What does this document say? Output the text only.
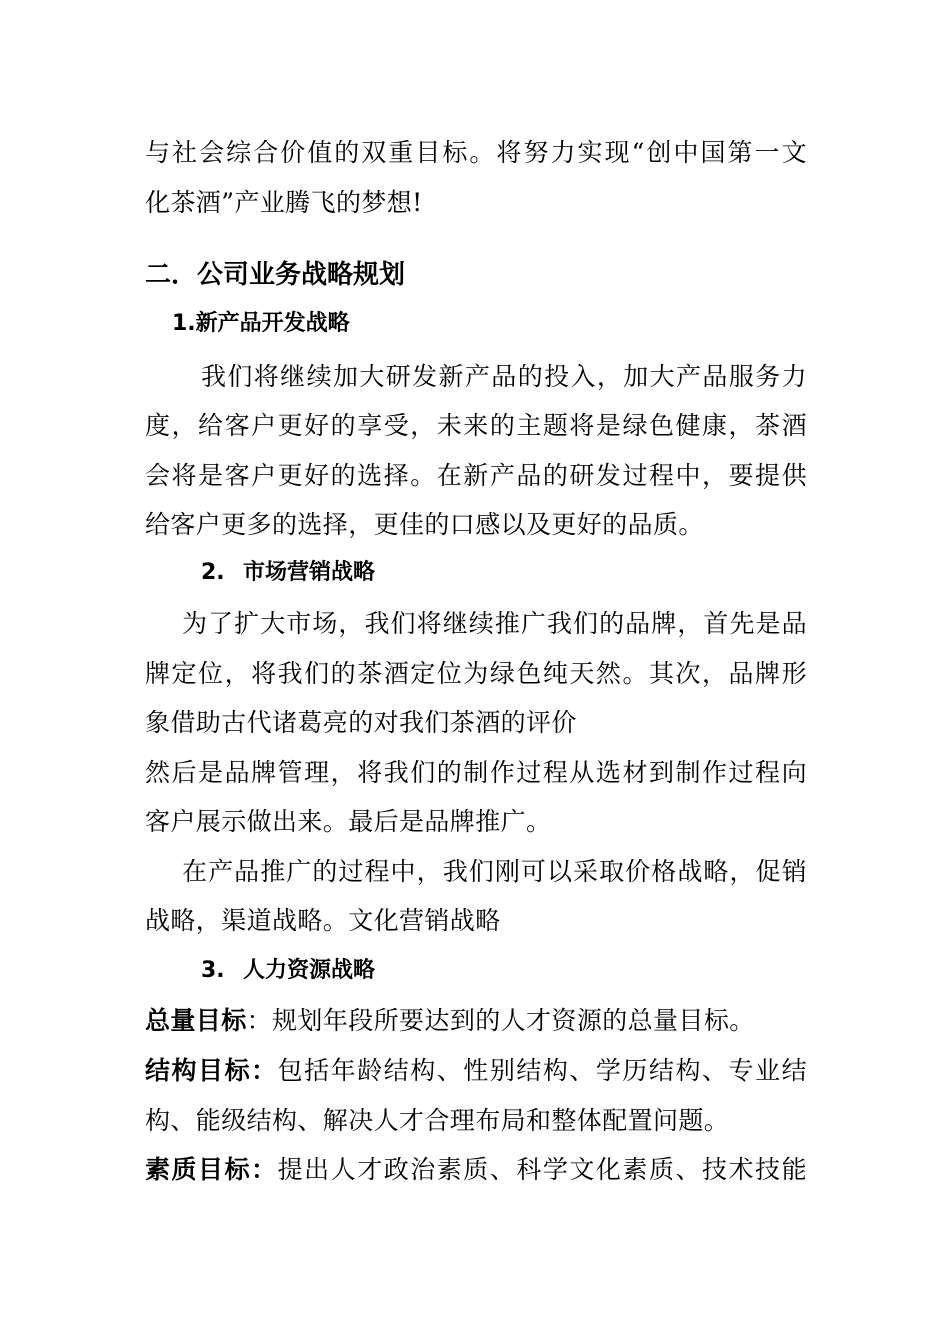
与社会综合价值的双重目标。将努力实现“创中国第一文
化茶酒”产业腾飞的梦想!
二．公司业务战略规划
1.新产品开发战略
我们将继续加大研发新产品的投入，加大产品服务力
度，给客户更好的享受，未来的主题将是绿色健康，茶酒
会将是客户更好的选择。在新产品的研发过程中，要提供
给客户更多的选择，更佳的口感以及更好的品质。
2. 市场营销战略
为了扩大市场，我们将继续推广我们的品牌，首先是品
牌定位，将我们的茶酒定位为绿色纯天然。其次，品牌形
象借助古代诸葛亮的对我们茶酒的评价
然后是品牌管理，将我们的制作过程从选材到制作过程向
客户展示做出来。最后是品牌推广。
在产品推广的过程中，我们刚可以采取价格战略，促销
战略，渠道战略。文化营销战略
3. 人力资源战略
总量目标：规划年段所要达到的人才资源的总量目标。
结构目标：包括年龄结构、性别结构、学历结构、专业结
构、能级结构、解决人才合理布局和整体配置问题。
素质目标：提出人才政治素质、科学文化素质、技术技能
